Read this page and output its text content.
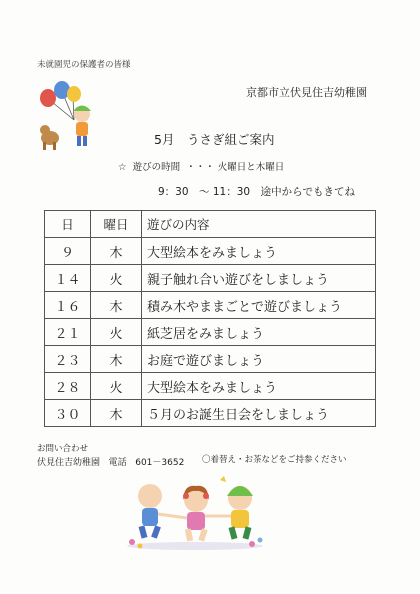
未就園児の保護者の皆様
京都市立伏見住吉幼稚園
5月　うさぎ組ご案内
☆ 遊びの時間 ・・・ 火曜日と木曜日
9：30　～ 11：30　途中からでもきてね
日	曜日	遊びの内容
９	木	大型絵本をみましょう
１４	火	親子触れ合い遊びをしましょう
１６	木	積み木やままごとで遊びましょう
２１	火	紙芝居をみましょう
２３	木	お庭で遊びましょう
２８	火	大型絵本をみましょう
３０	木	５月のお誕生日会をしましょう
お問い合わせ
伏見住吉幼稚園 電話 601－3652 〇着替え・お茶などをご持参ください
